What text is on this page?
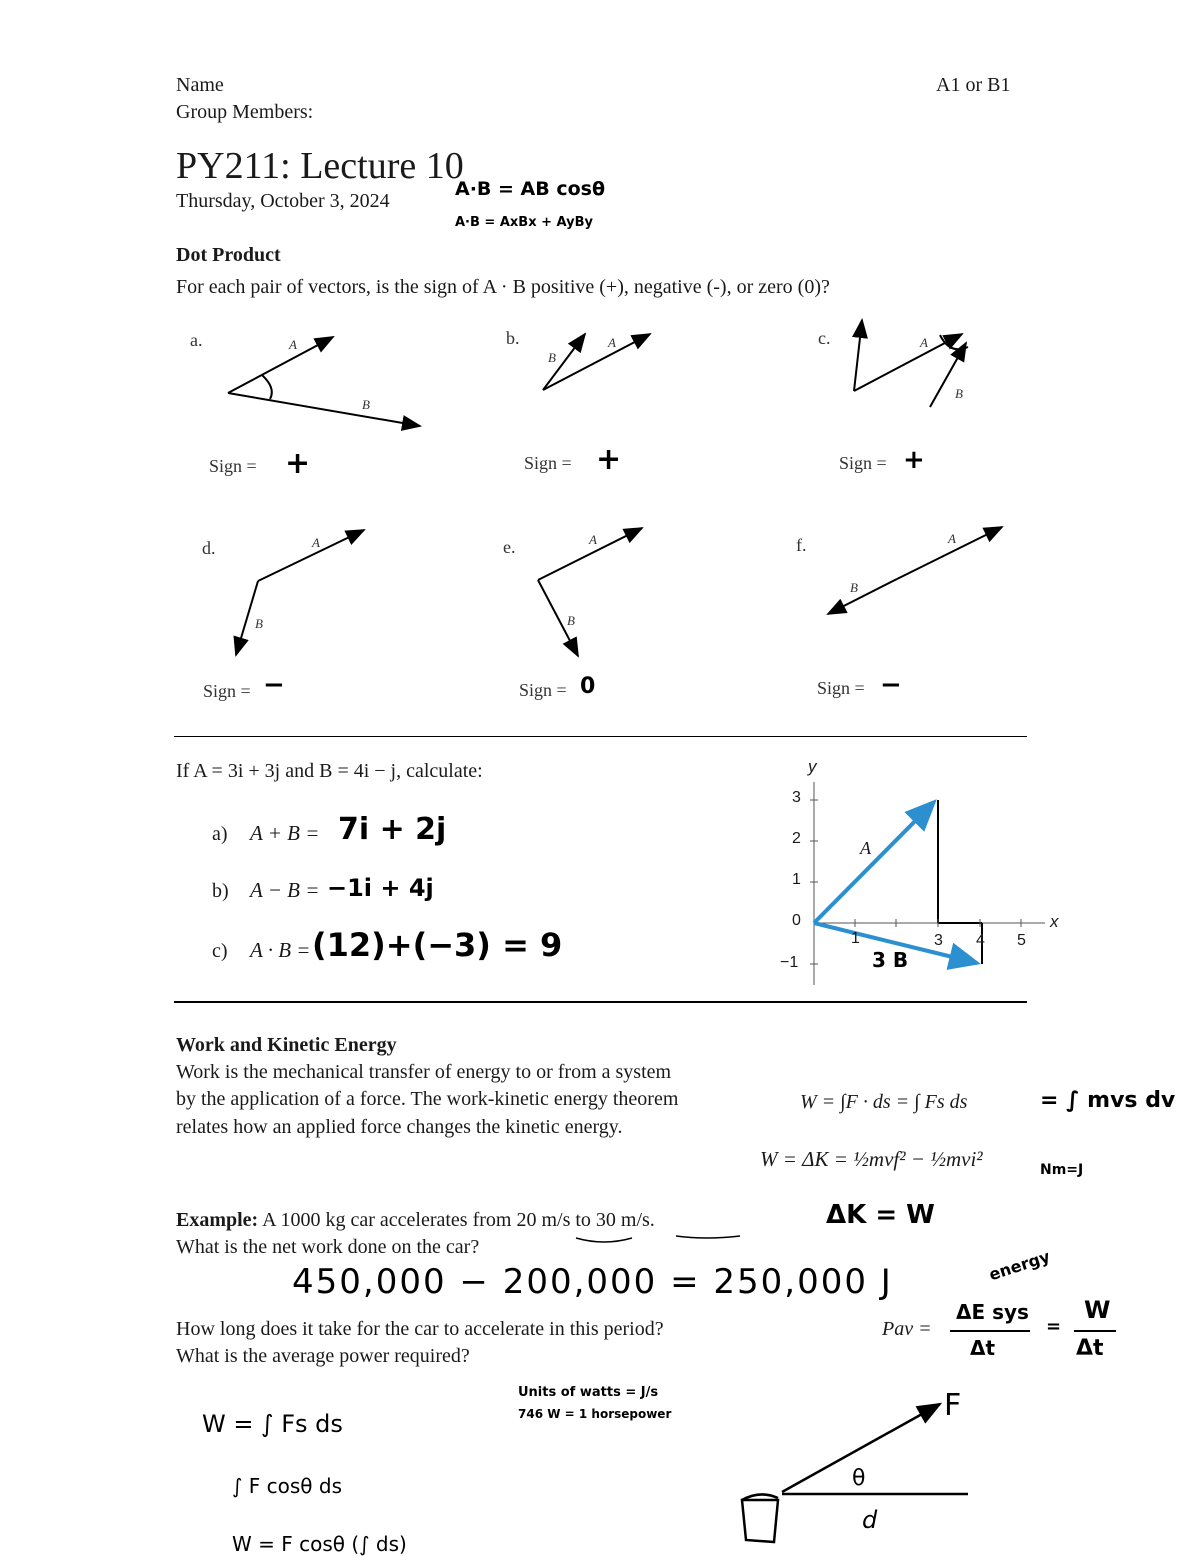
Name
Group Members:
A1 or B1
PY211: Lecture 10
Thursday, October 3, 2024
A·B = AB cosθ
A·B = AxBx + AyBy
Dot Product
For each pair of vectors, is the sign of A · B positive (+), negative (-), or zero (0)?
A
B
A
B
A
B
A
B
A
B
A
B
a.	b.	c.
d.	e.	f.
Sign = +	Sign = +	Sign = +
Sign = −	Sign = 0	Sign = −
If A = 3i + 3j and B = 4i − j, calculate:
a) A + B = 7i + 2j
b) A − B = −1i + 4j
c) A · B = (12)+(−3) = 9
y
x
3
2
1
0
−1
1	3 4 5
A
3 B
Work and Kinetic Energy
Work is the mechanical transfer of energy to or from a system
by the application of a force. The work-kinetic energy theorem
relates how an applied force changes the kinetic energy.
W = ∫F · ds = ∫ Fs ds	= ∫ mvs dv
W = ΔK = ½mvf² − ½mvi²	Nm=J
Example: A 1000 kg car accelerates from 20 m/s to 30 m/s.
What is the net work done on the car?
ΔK = W
450,000 − 200,000 = 250,000 J
How long does it take for the car to accelerate in this period?
What is the average power required?
Pav =
ΔE sys
Δt
=
W
Δt
energy
Units of watts = J/s
746 W = 1 horsepower
W = ∫ Fs ds
∫ F cosθ ds
W = F cosθ (∫ ds)
F
θ
d
